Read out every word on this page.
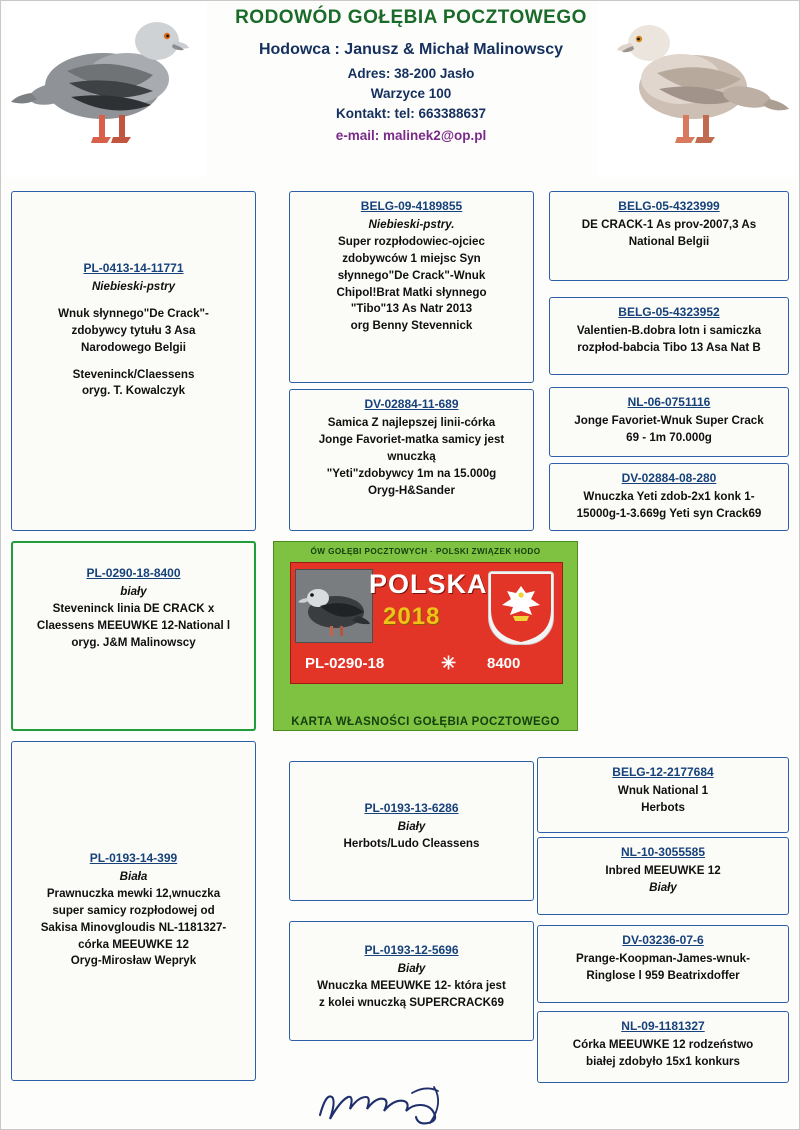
RODOWÓD GOŁĘBIA POCZTOWEGO
Hodowca : Janusz & Michał Malinowscy
Adres: 38-200 Jasło
Warzyce 100
Kontakt: tel: 663388637
e-mail: malinek2@op.pl
PL-0413-14-11771
Niebieski-pstry
Wnuk słynnego"De Crack"-
zdobywcy tytułu 3 Asa
Narodowego Belgii
Steveninck/Claessens
oryg. T. Kowalczyk
BELG-09-4189855
Niebieski-pstry.
Super rozpłodowiec-ojciec
zdobywców 1 miejsc Syn
słynnego"De Crack"-Wnuk
Chipol!Brat Matki słynnego
"Tibo"13 As Natr 2013
org Benny Stevennick
DV-02884-11-689
Samica Z najlepszej linii-córka
Jonge Favoriet-matka samicy jest
wnuczką
"Yeti"zdobywcy 1m na 15.000g
Oryg-H&Sander
BELG-05-4323999
DE CRACK-1 As prov-2007,3 As
National Belgii
BELG-05-4323952
Valentien-B.dobra lotn i samiczka
rozpłod-babcia Tibo 13 Asa Nat B
NL-06-0751116
Jonge Favoriet-Wnuk Super Crack
69 - 1m 70.000g
DV-02884-08-280
Wnuczka Yeti zdob-2x1 konk 1-
15000g-1-3.669g Yeti syn Crack69
PL-0290-18-8400
biały
Steveninck linia DE CRACK x
Claessens MEEUWKE 12-National l
oryg. J&M Malinowscy
ÓW GOŁĘBI POCZTOWYCH · POLSKI ZWIĄZEK HODO
POLSKA
2018
PL-0290-18	✳ 8400
KARTA WŁASNOŚCI GOŁĘBIA POCZTOWEGO
PL-0193-14-399
Biała
Prawnuczka mewki 12,wnuczka
super samicy rozpłodowej od
Sakisa Minovgloudis NL-1181327-
córka MEEUWKE 12
Oryg-Mirosław Wepryk
PL-0193-13-6286
Biały
Herbots/Ludo Cleassens
PL-0193-12-5696
Biały
Wnuczka MEEUWKE 12- która jest
z kolei wnuczką SUPERCRACK69
BELG-12-2177684
Wnuk National 1
Herbots
NL-10-3055585
Inbred MEEUWKE 12
Biały
DV-03236-07-6
Prange-Koopman-James-wnuk-
Ringlose l 959 Beatrixdoffer
NL-09-1181327
Córka MEEUWKE 12 rodzeństwo
białej zdobyło 15x1 konkurs
